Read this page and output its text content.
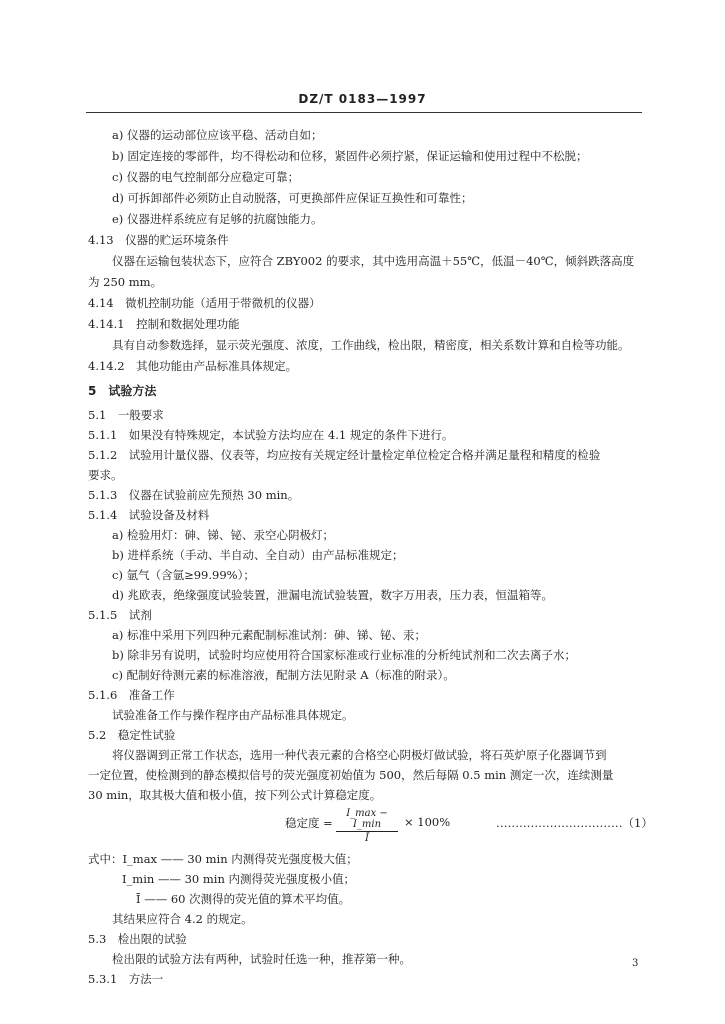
DZ/T 0183—1997
a) 仪器的运动部位应该平稳、活动自如；
b) 固定连接的零部件，均不得松动和位移，紧固件必须拧紧，保证运输和使用过程中不松脱；
c) 仪器的电气控制部分应稳定可靠；
d) 可拆卸部件必须防止自动脱落，可更换部件应保证互换性和可靠性；
e) 仪器进样系统应有足够的抗腐蚀能力。
4.13　仪器的贮运环境条件
仪器在运输包装状态下，应符合 ZBY002 的要求，其中选用高温＋55℃，低温－40℃，倾斜跌落高度
为 250 mm。
4.14　微机控制功能（适用于带微机的仪器）
4.14.1　控制和数据处理功能
具有自动参数选择，显示荧光强度、浓度，工作曲线，检出限，精密度，相关系数计算和自检等功能。
4.14.2　其他功能由产品标准具体规定。
5　试验方法
5.1　一般要求
5.1.1　如果没有特殊规定，本试验方法均应在 4.1 规定的条件下进行。
5.1.2　试验用计量仪器、仪表等，均应按有关规定经计量检定单位检定合格并满足量程和精度的检验
要求。
5.1.3　仪器在试验前应先预热 30 min。
5.1.4　试验设备及材料
a) 检验用灯：砷、锑、铋、汞空心阴极灯；
b) 进样系统（手动、半自动、全自动）由产品标准规定；
c) 氩气（含氩≥99.99%）；
d) 兆欧表，绝缘强度试验装置，泄漏电流试验装置，数字万用表，压力表，恒温箱等。
5.1.5　试剂
a) 标准中采用下列四种元素配制标准试剂：砷、锑、铋、汞；
b) 除非另有说明，试验时均应使用符合国家标准或行业标准的分析纯试剂和二次去离子水；
c) 配制好待测元素的标准溶液，配制方法见附录 A（标准的附录）。
5.1.6　准备工作
试验准备工作与操作程序由产品标准具体规定。
5.2　稳定性试验
将仪器调到正常工作状态，选用一种代表元素的合格空心阴极灯做试验，将石英炉原子化器调节到
一定位置，使检测到的静态模拟信号的荧光强度初始值为 500，然后每隔 0.5 min 测定一次，连续测量
稳定度 =
I_max − I_min
Ī
× 100%	……………………………（1）
30 min，取其极大值和极小值，按下列公式计算稳定度。
式中：I_max —— 30 min 内测得荧光强度极大值；
I_min —— 30 min 内测得荧光强度极小值；
Ī —— 60 次测得的荧光值的算术平均值。
其结果应符合 4.2 的规定。
3
5.3　检出限的试验
检出限的试验方法有两种，试验时任选一种，推荐第一种。
5.3.1　方法一
